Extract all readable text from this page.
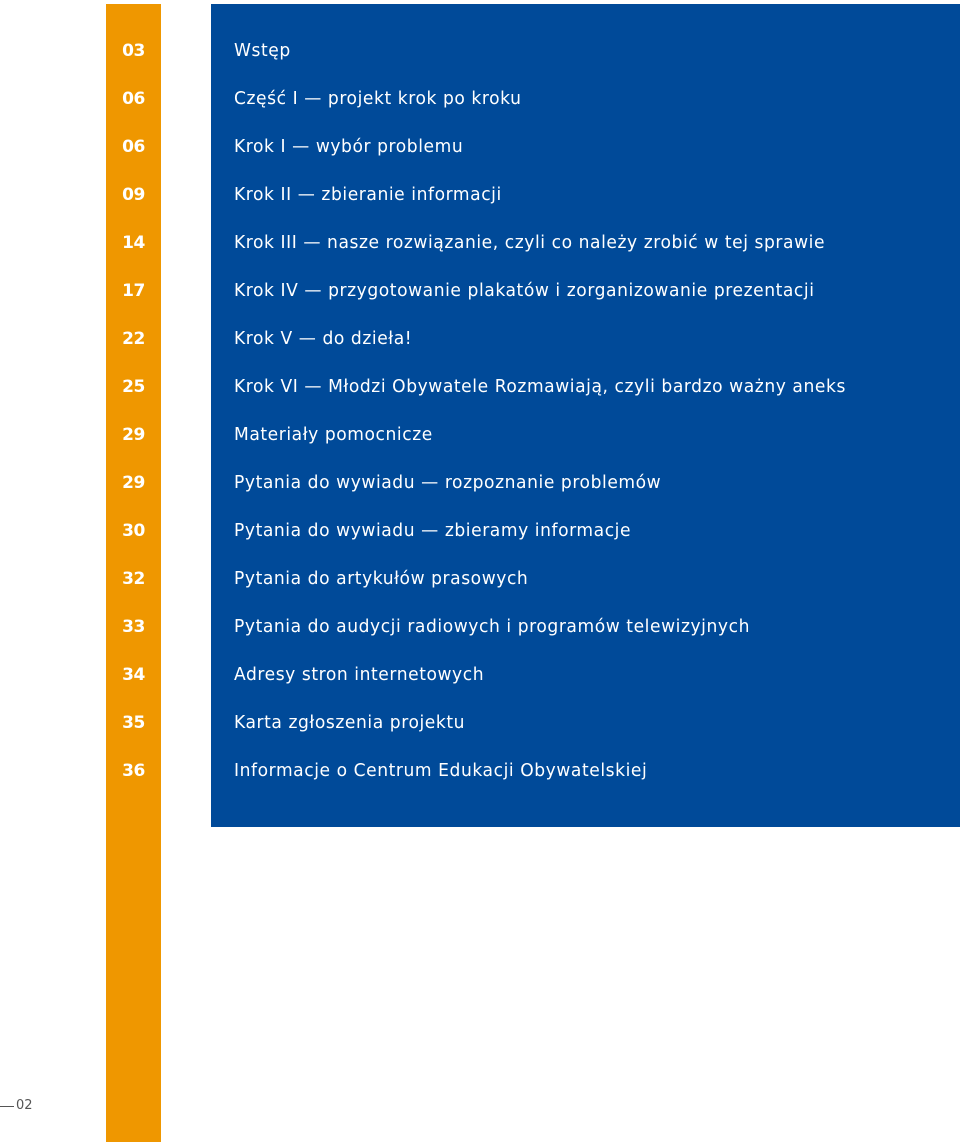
03	Wstęp
06	Część I — projekt krok po kroku
06	Krok I — wybór problemu
09	Krok II — zbieranie informacji
14	Krok III — nasze rozwiązanie, czyli co należy zrobić w tej sprawie
17	Krok IV — przygotowanie plakatów i zorganizowanie prezentacji
22	Krok V — do dzieła!
25	Krok VI — Młodzi Obywatele Rozmawiają, czyli bardzo ważny aneks
29	Materiały pomocnicze
29	Pytania do wywiadu — rozpoznanie problemów
30	Pytania do wywiadu — zbieramy informacje
32	Pytania do artykułów prasowych
33	Pytania do audycji radiowych i programów telewizyjnych
34	Adresy stron internetowych
35	Karta zgłoszenia projektu
36	Informacje o Centrum Edukacji Obywatelskiej
02
